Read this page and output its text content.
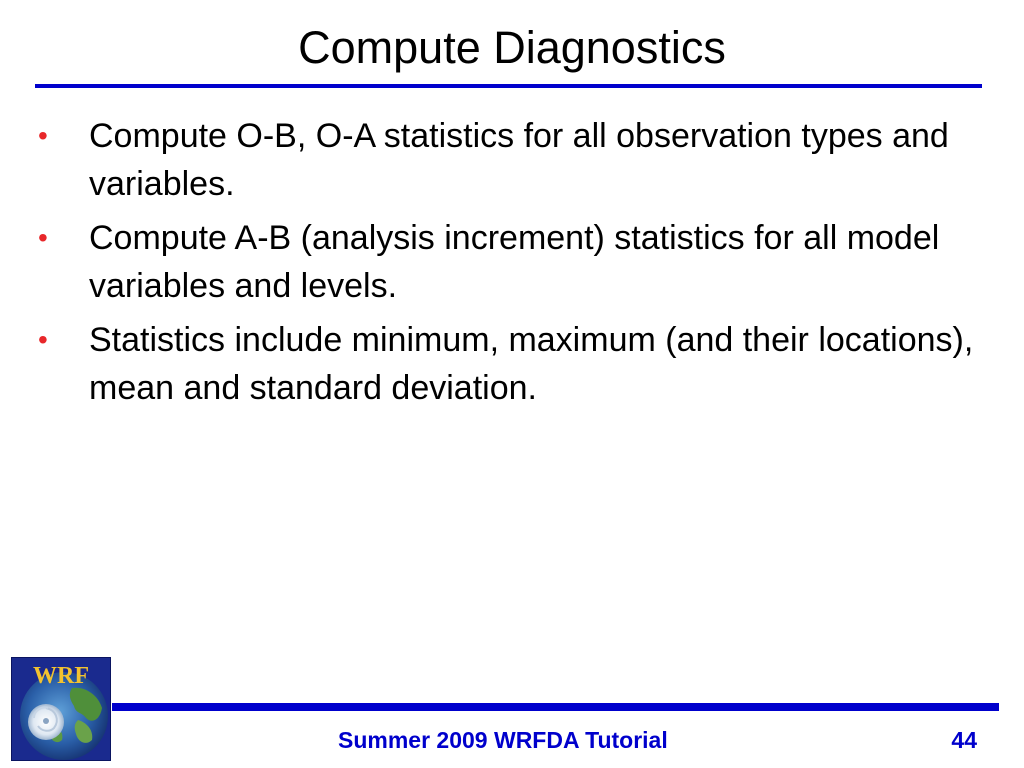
Compute Diagnostics
• Compute O-B, O-A statistics for all observation types and variables.
• Compute A-B (analysis increment) statistics for all model variables and levels.
• Statistics include minimum, maximum (and their locations), mean and standard deviation.
WRF
Summer 2009 WRFDA Tutorial	44
